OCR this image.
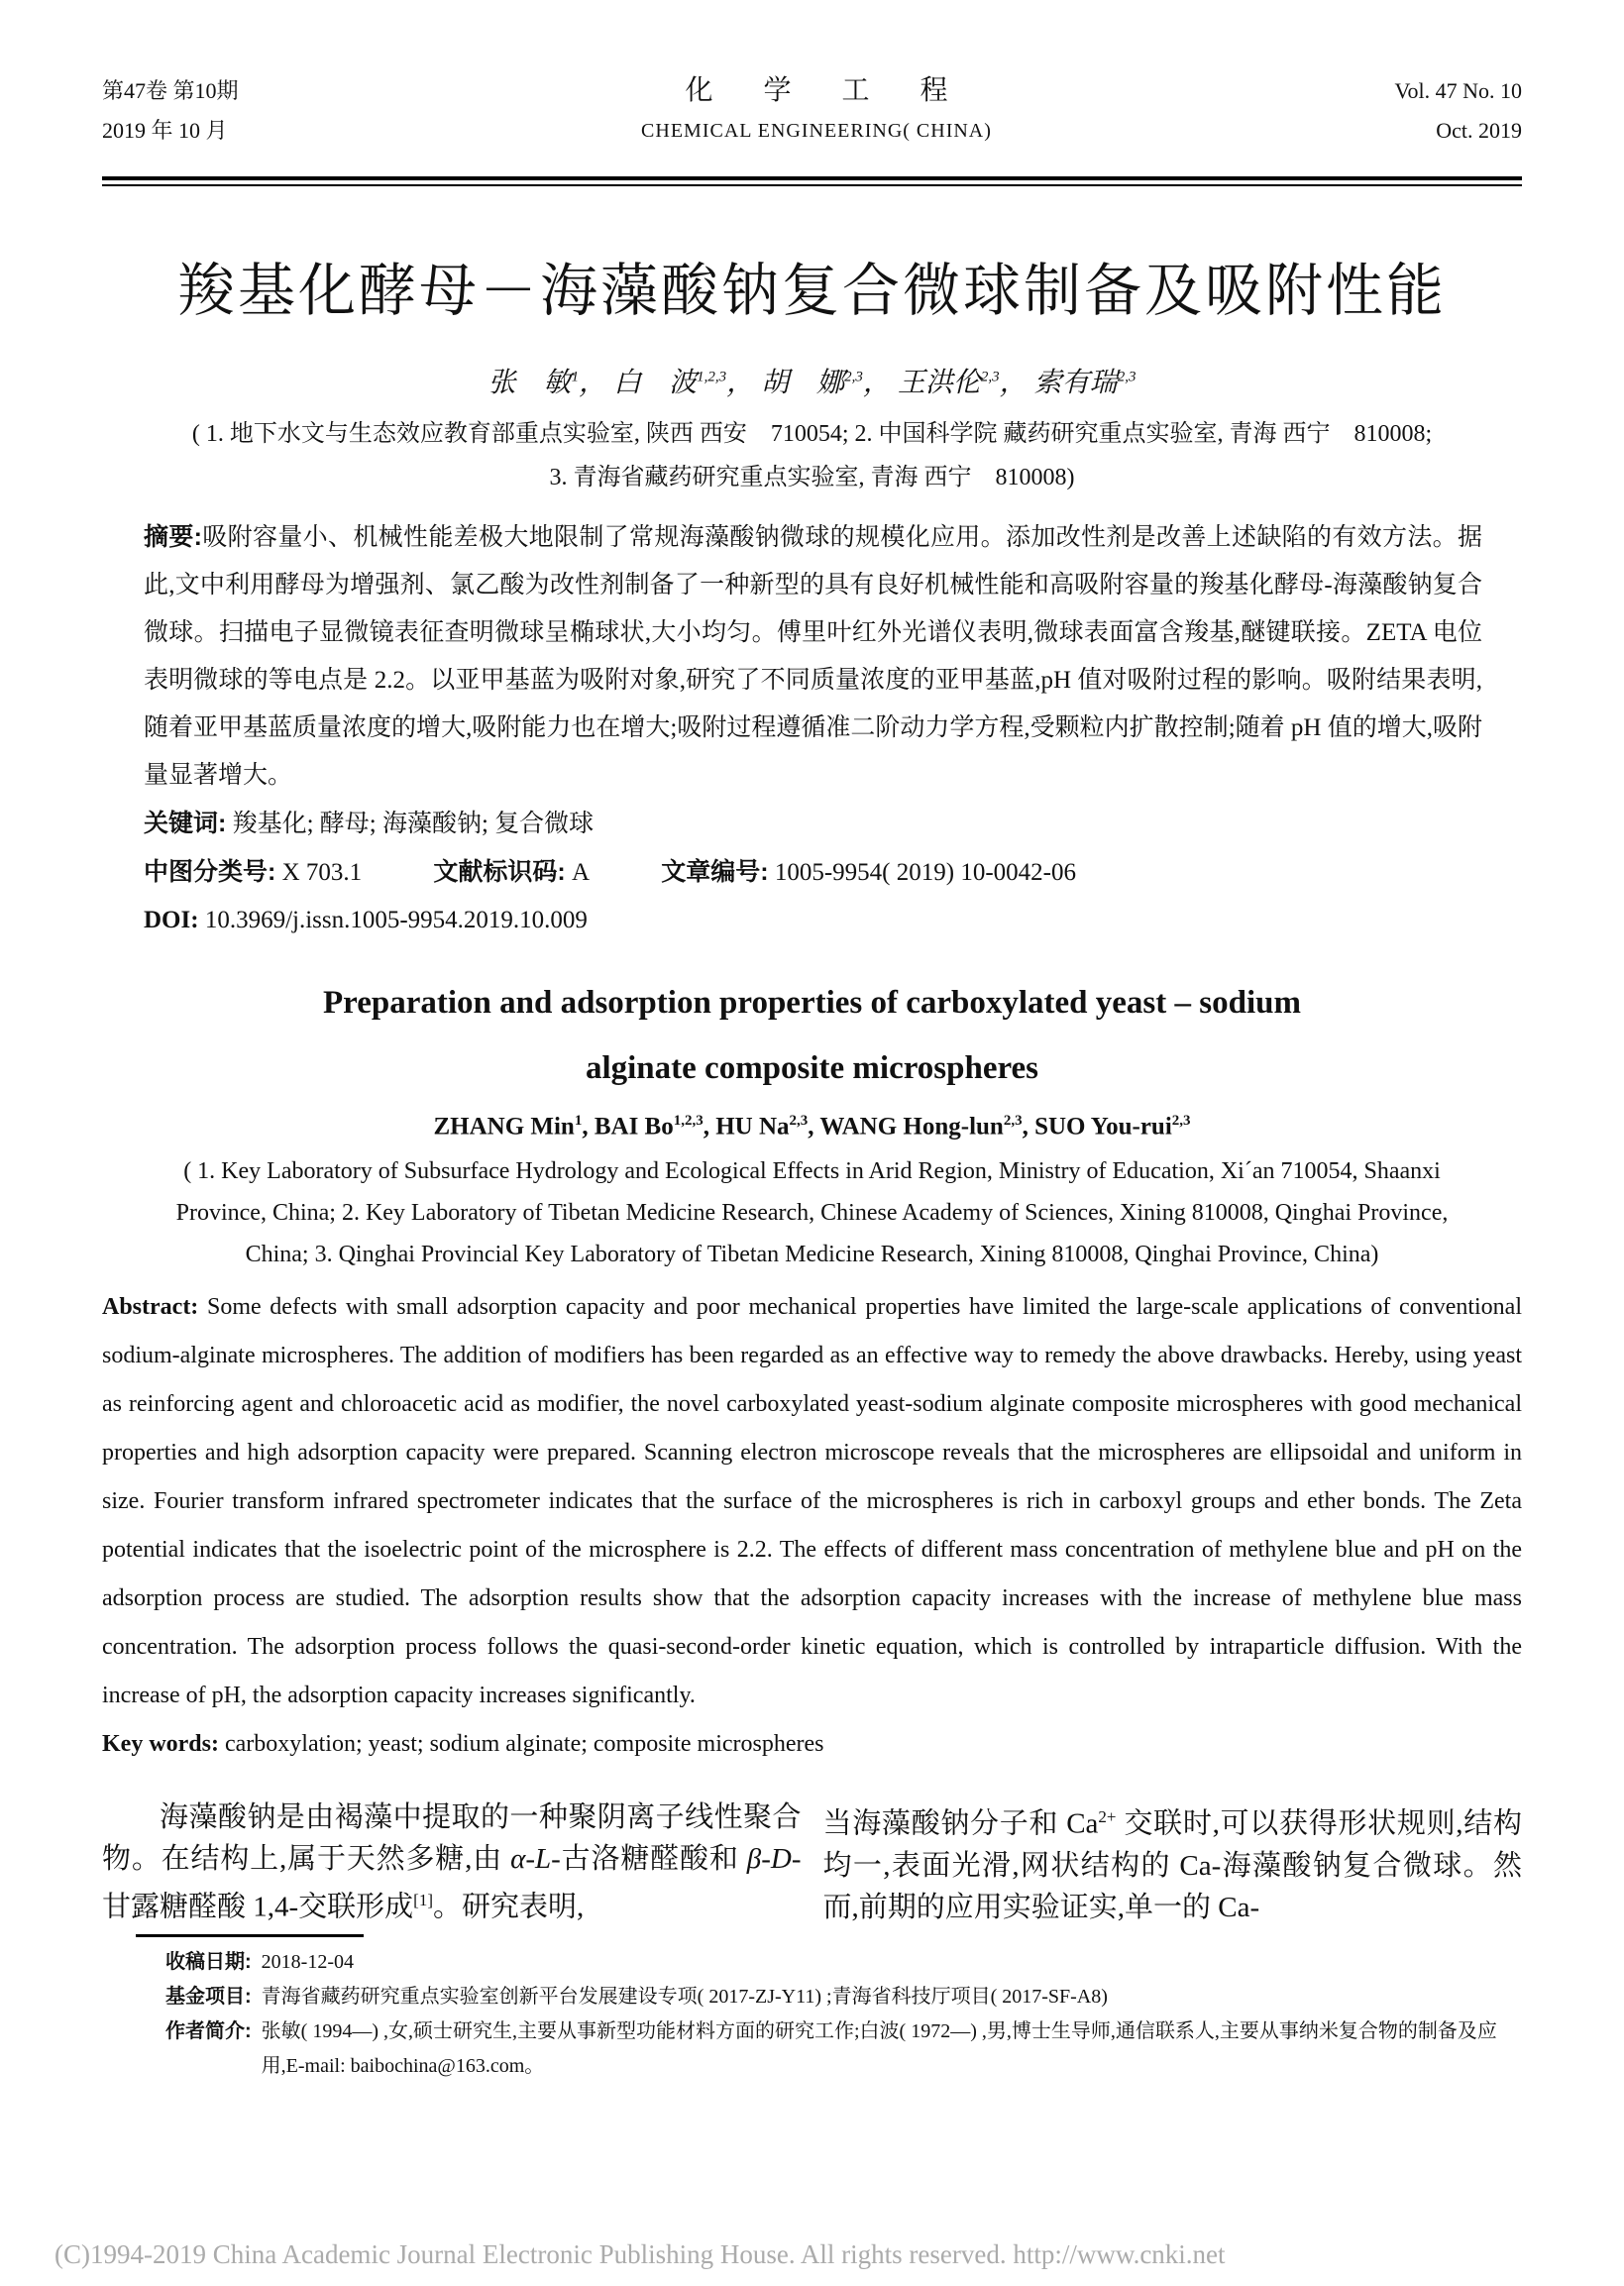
第47卷 第10期
2019 年 10 月
化 学 工 程
CHEMICAL ENGINEERING( CHINA)
Vol. 47 No. 10
Oct. 2019
羧基化酵母－海藻酸钠复合微球制备及吸附性能
张　敏$^1$， 白　波$^{1,2,3}$， 胡　娜$^{2,3}$， 王洪伦$^{2,3}$， 索有瑞$^{2,3}$
( 1. 地下水文与生态效应教育部重点实验室, 陕西 西安　710054; 2. 中国科学院 藏药研究重点实验室, 青海 西宁　810008;
3. 青海省藏药研究重点实验室, 青海 西宁　810008)

摘要:吸附容量小、机械性能差极大地限制了常规海藻酸钠微球的规模化应用。添加改性剂是改善上述缺陷的有效方法。据此,文中利用酵母为增强剂、氯乙酸为改性剂制备了一种新型的具有良好机械性能和高吸附容量的羧基化酵母-海藻酸钠复合微球。扫描电子显微镜表征查明微球呈椭球状,大小均匀。傅里叶红外光谱仪表明,微球表面富含羧基,醚键联接。ZETA 电位表明微球的等电点是 2.2。以亚甲基蓝为吸附对象,研究了不同质量浓度的亚甲基蓝,pH 值对吸附过程的影响。吸附结果表明,随着亚甲基蓝质量浓度的增大,吸附能力也在增大;吸附过程遵循准二阶动力学方程,受颗粒内扩散控制;随着 pH 值的增大,吸附量显著增大。

关键词: 羧基化; 酵母; 海藻酸钠; 复合微球

中图分类号: X 703.1	文献标识码: A	文章编号: 1005-9954( 2019) 10-0042-06

DOI: 10.3969/j.issn.1005-9954.2019.10.009

Preparation and adsorption properties of carboxylated yeast – sodium
alginate composite microspheres
ZHANG Min$^1$, BAI Bo$^{1,2,3}$, HU Na$^{2,3}$, WANG Hong-lun$^{2,3}$, SUO You-rui$^{2,3}$
( 1. Key Laboratory of Subsurface Hydrology and Ecological Effects in Arid Region, Ministry of Education, Xi´an 710054, Shaanxi Province, China; 2. Key Laboratory of Tibetan Medicine Research, Chinese Academy of Sciences, Xining 810008, Qinghai Province, China; 3. Qinghai Provincial Key Laboratory of Tibetan Medicine Research, Xining 810008, Qinghai Province, China)

Abstract: Some defects with small adsorption capacity and poor mechanical properties have limited the large-scale applications of conventional sodium-alginate microspheres. The addition of modifiers has been regarded as an effective way to remedy the above drawbacks. Hereby, using yeast as reinforcing agent and chloroacetic acid as modifier, the novel carboxylated yeast-sodium alginate composite microspheres with good mechanical properties and high adsorption capacity were prepared. Scanning electron microscope reveals that the microspheres are ellipsoidal and uniform in size. Fourier transform infrared spectrometer indicates that the surface of the microspheres is rich in carboxyl groups and ether bonds. The Zeta potential indicates that the isoelectric point of the microsphere is 2.2. The effects of different mass concentration of methylene blue and pH on the adsorption process are studied. The adsorption results show that the adsorption capacity increases with the increase of methylene blue mass concentration. The adsorption process follows the quasi-second-order kinetic equation, which is controlled by intraparticle diffusion. With the increase of pH, the adsorption capacity increases significantly.

Key words: carboxylation; yeast; sodium alginate; composite microspheres

海藻酸钠是由褐藻中提取的一种聚阴离子线性聚合物。在结构上,属于天然多糖,由 α-L-古洛糖醛酸和 β-D-甘露糖醛酸 1,4-交联形成[1]。研究表明,

当海藻酸钠分子和 $Ca^{2+}$ 交联时,可以获得形状规则,结构均一,表面光滑,网状结构的 Ca-海藻酸钠复合微球。然而,前期的应用实验证实,单一的 Ca-

收稿日期: 2018-12-04
基金项目: 青海省藏药研究重点实验室创新平台发展建设专项( 2017-ZJ-Y11) ;青海省科技厅项目( 2017-SF-A8)
作者简介: 张敏( 1994—) ,女,硕士研究生,主要从事新型功能材料方面的研究工作;白波( 1972—) ,男,博士生导师,通信联系人,主要从事纳米复合物的制备及应用,E-mail: baibochina@163.com。
(C)1994-2019 China Academic Journal Electronic Publishing House. All rights reserved. http://www.cnki.net
